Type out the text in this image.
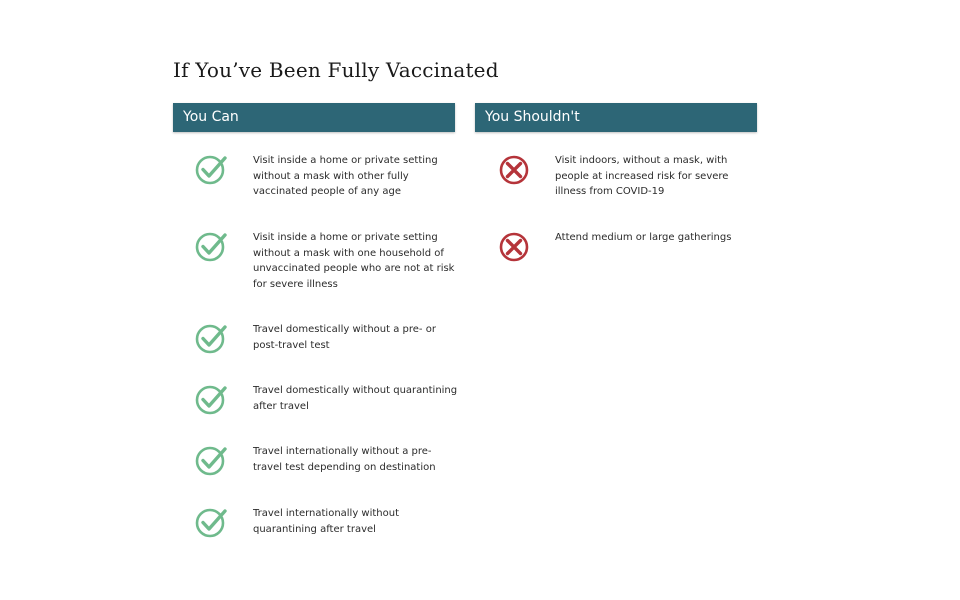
If You’ve Been Fully Vaccinated
You Can

Visit inside a home or private setting without a mask with other fully vaccinated people of any age

Visit inside a home or private setting without a mask with one household of unvaccinated people who are not at risk for severe illness

Travel domestically without a pre- or post-travel test

Travel domestically without quarantining after travel

Travel internationally without a pre-travel test depending on destination

Travel internationally without quarantining after travel

You Shouldn't

Visit indoors, without a mask, with people at increased risk for severe illness from COVID-19

Attend medium or large gatherings
